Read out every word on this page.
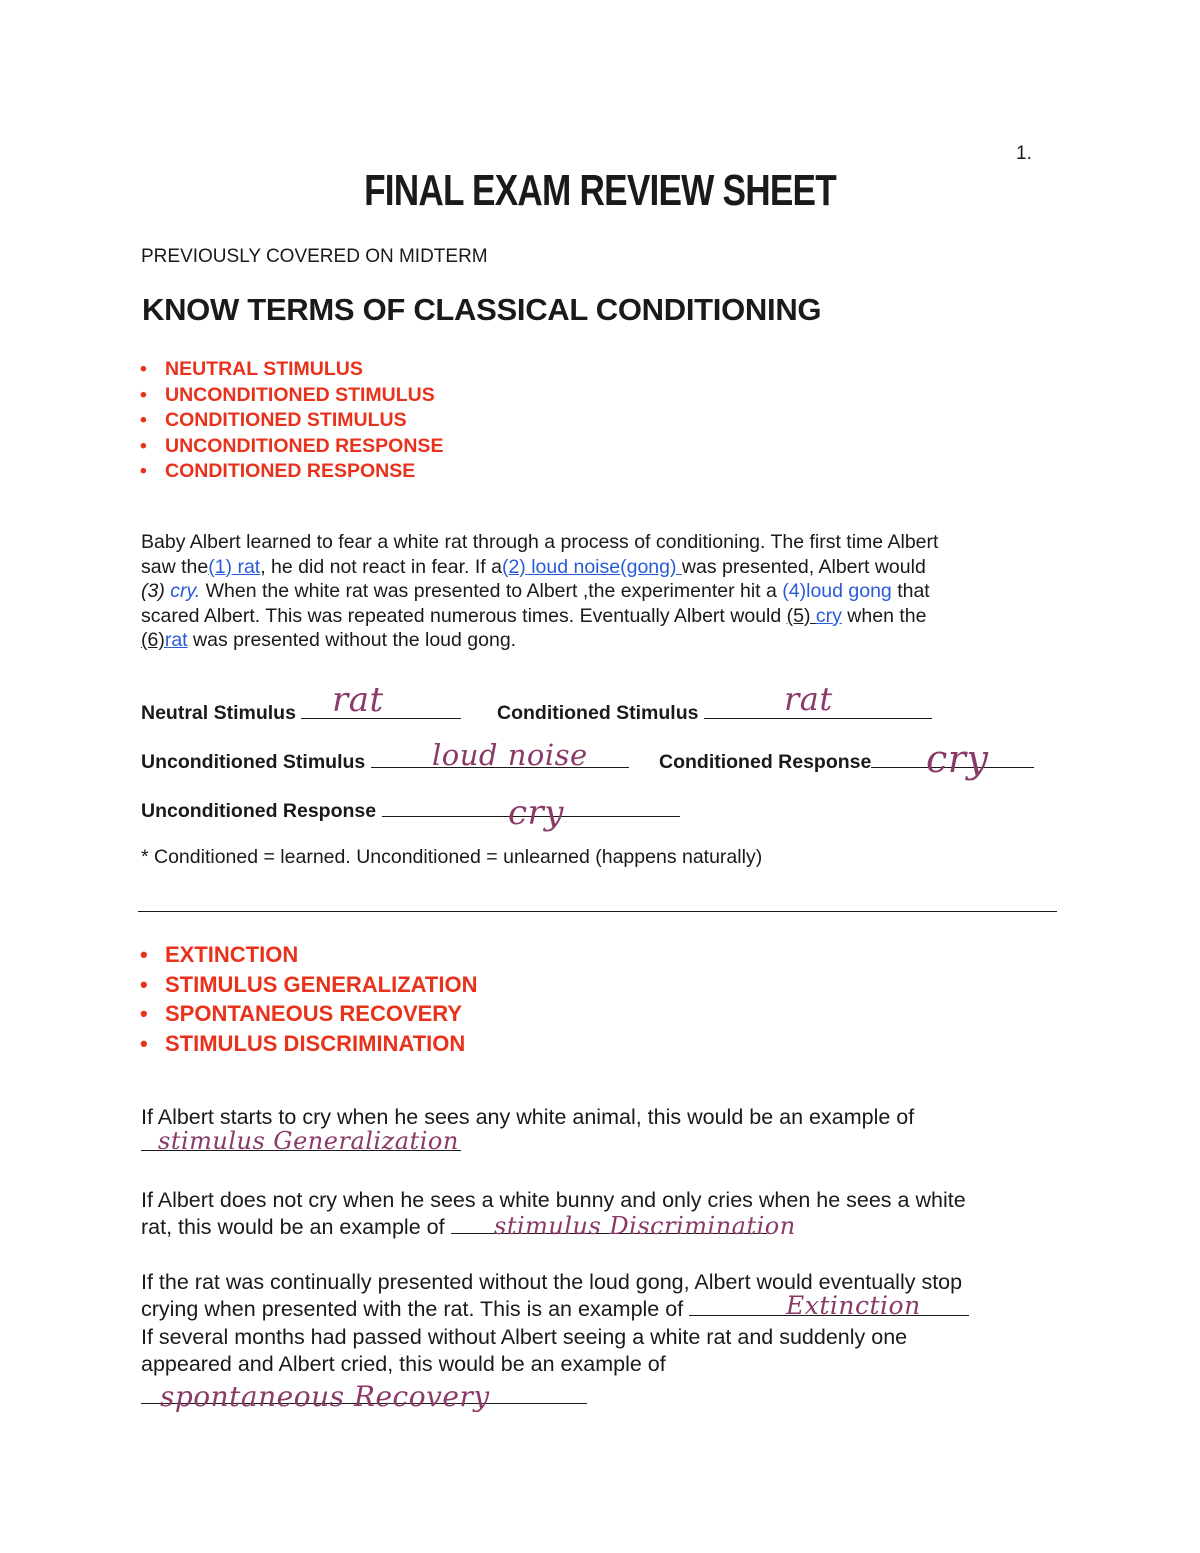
1.
FINAL EXAM REVIEW SHEET
PREVIOUSLY COVERED ON MIDTERM
KNOW TERMS OF CLASSICAL CONDITIONING
• NEUTRAL STIMULUS
• UNCONDITIONED STIMULUS
• CONDITIONED STIMULUS
• UNCONDITIONED RESPONSE
• CONDITIONED RESPONSE
Baby Albert learned to fear a white rat through a process of conditioning. The first time Albert
saw the(1) rat, he did not react in fear. If a(2) loud noise(gong) was presented, Albert would
(3) cry. When the white rat was presented to Albert ,the experimenter hit a (4)loud gong that
scared Albert. This was repeated numerous times. Eventually Albert would (5) cry when the
(6)rat was presented without the loud gong.
Neutral Stimulus	rat	Conditioned Stimulus	rat
Unconditioned Stimulus	loud noise	Conditioned Response	cry
Unconditioned Response	cry
* Conditioned = learned. Unconditioned = unlearned (happens naturally)
• EXTINCTION
• STIMULUS GENERALIZATION
• SPONTANEOUS RECOVERY
• STIMULUS DISCRIMINATION
If Albert starts to cry when he sees any white animal, this would be an example of
stimulus Generalization
If Albert does not cry when he sees a white bunny and only cries when he sees a white
rat, this would be an example of	stimulus Discrimination
If the rat was continually presented without the loud gong, Albert would eventually stop
crying when presented with the rat. This is an example of	Extinction
If several months had passed without Albert seeing a white rat and suddenly one
appeared and Albert cried, this would be an example of
spontaneous Recovery
